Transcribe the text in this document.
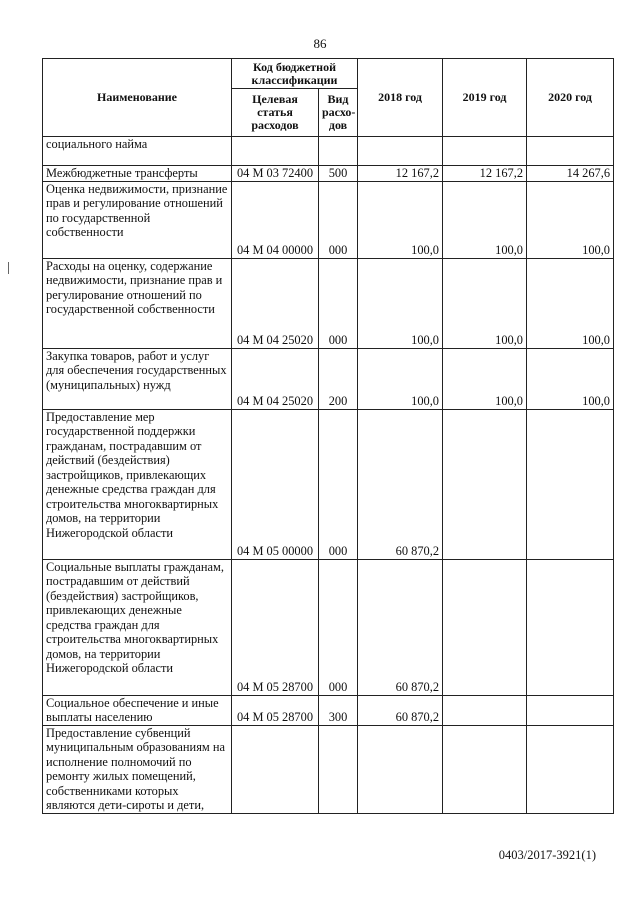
86
Наименование	Код бюджетной классификации		2018 год	2019 год	2020 год
	Целевая статья расходов	Вид расхо-дов			
социального найма					
Межбюджетные трансферты	04 М 03 72400	500	12 167,2	12 167,2	14 267,6
Оценка недвижимости, признание прав и регулирование отношений по государственной собственности	04 М 04 00000	000	100,0	100,0	100,0
Расходы на оценку, содержание недвижимости, признание прав и регулирование отношений по государственной собственности	04 М 04 25020	000	100,0	100,0	100,0
Закупка товаров, работ и услуг для обеспечения государственных (муниципальных) нужд	04 М 04 25020	200	100,0	100,0	100,0
Предоставление мер государственной поддержки гражданам, пострадавшим от действий (бездействия) застройщиков, привлекающих денежные средства граждан для строительства многоквартирных домов, на территории Нижегородской области	04 М 05 00000	000	60 870,2		
Социальные выплаты гражданам, пострадавшим от действий (бездействия) застройщиков, привлекающих денежные средства граждан для строительства многоквартирных домов, на территории Нижегородской области	04 М 05 28700	000	60 870,2		
Социальное обеспечение и иные выплаты населению	04 М 05 28700	300	60 870,2		
Предоставление субвенций муниципальным образованиям на исполнение полномочий по ремонту жилых помещений, собственниками которых являются дети-сироты и дети,					
0403/2017-3921(1)
